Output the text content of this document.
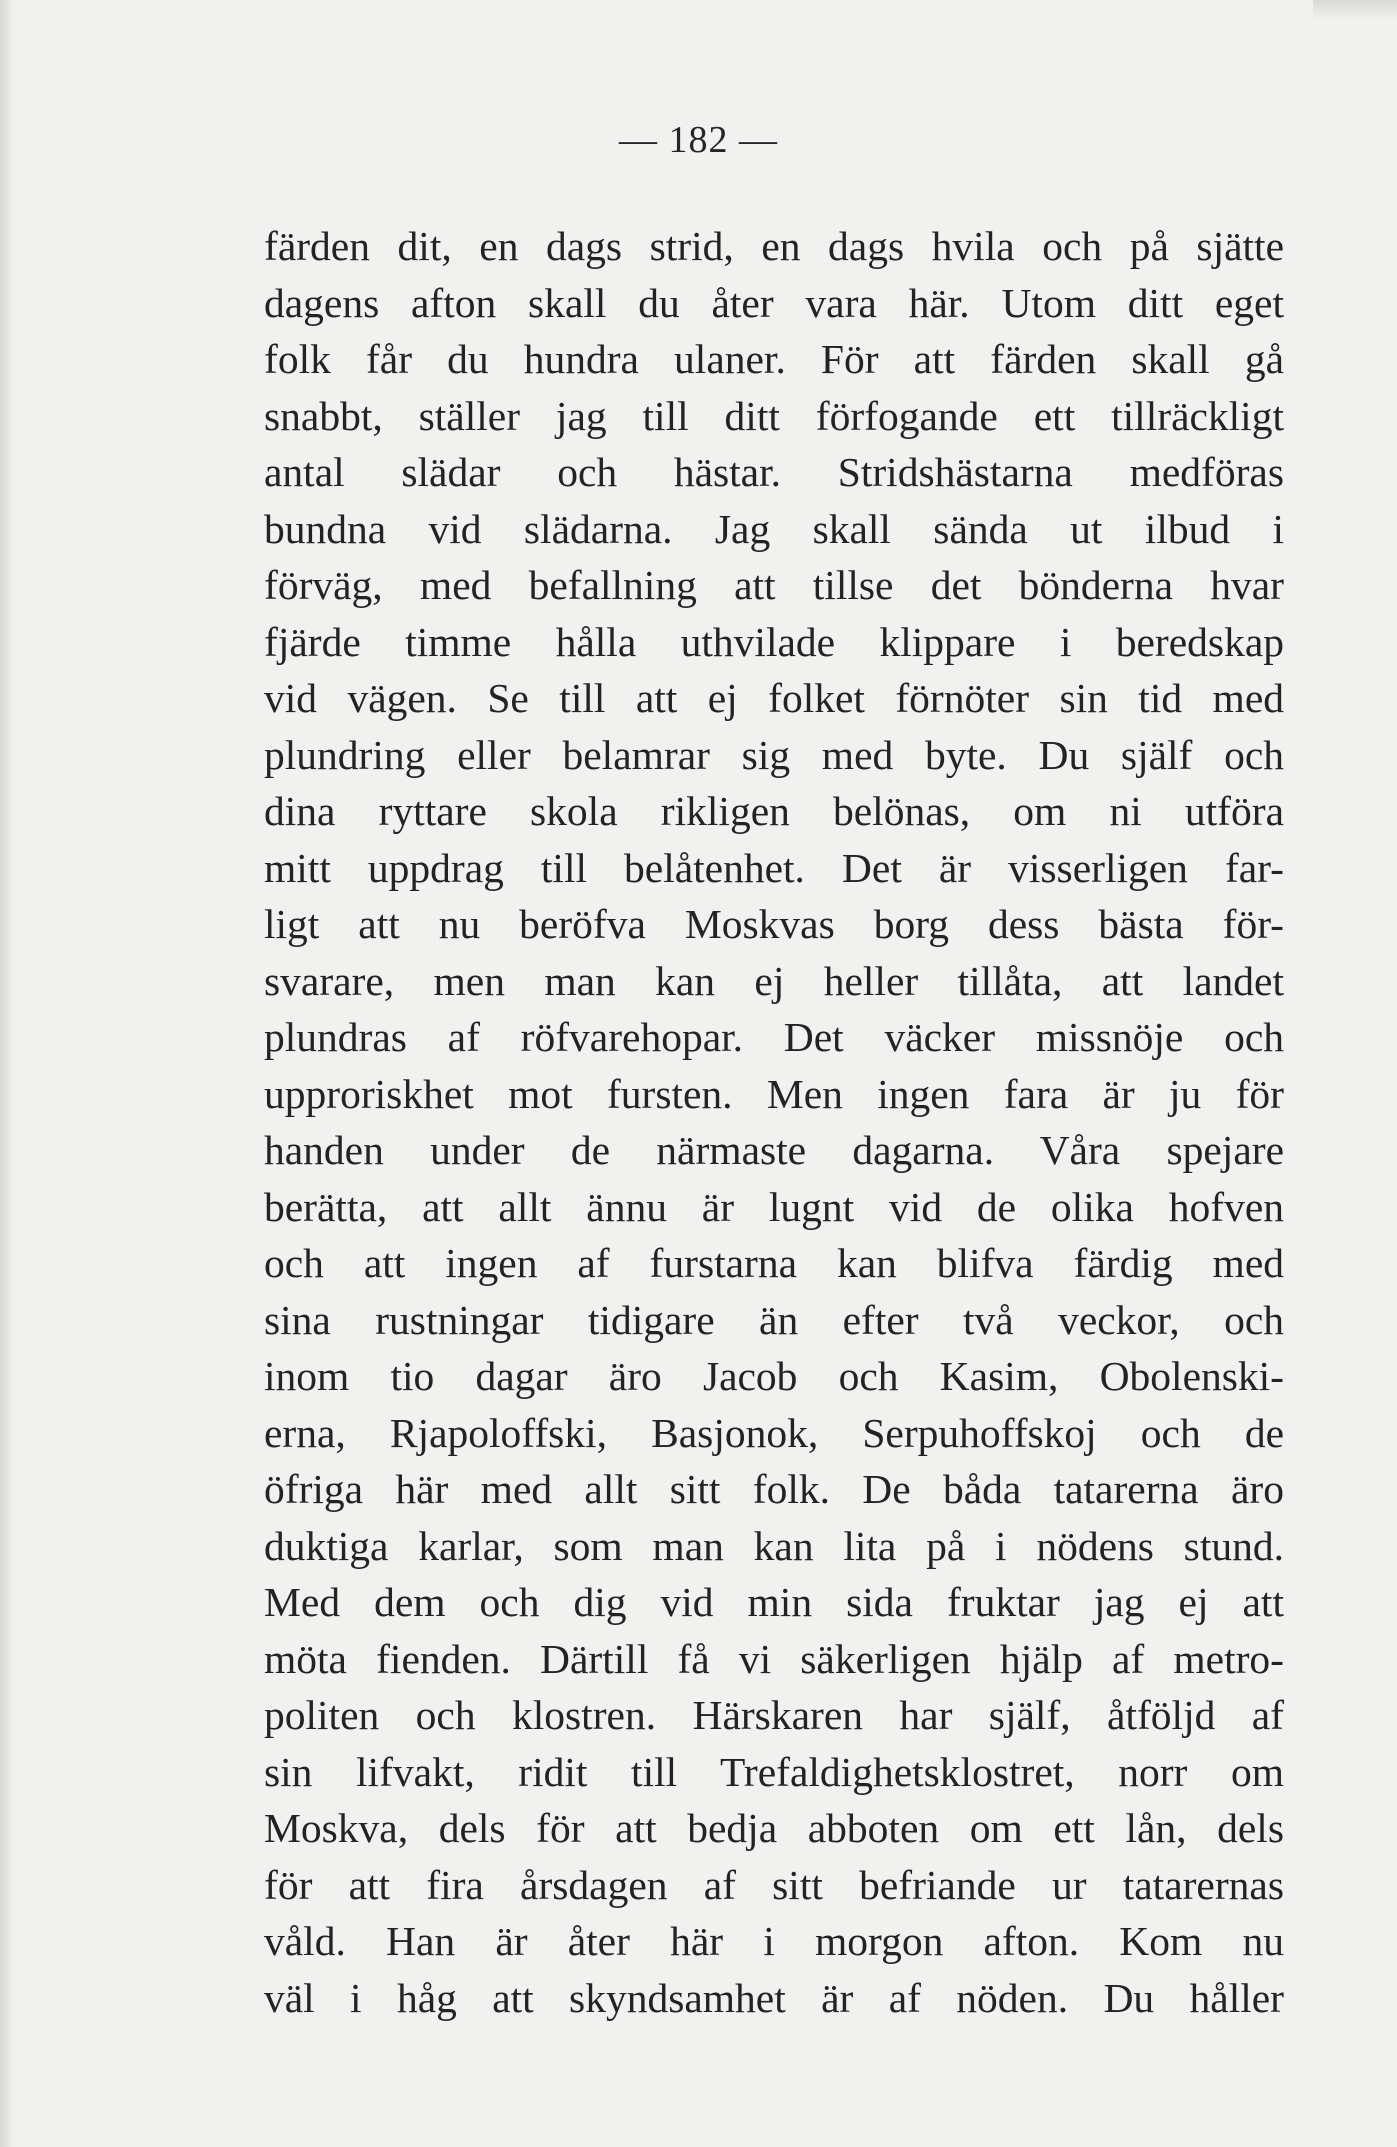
— 182 —
färden dit, en dags strid, en dags hvila och på sjätte
dagens afton skall du åter vara här. Utom ditt eget
folk får du hundra ulaner. För att färden skall gå
snabbt, ställer jag till ditt förfogande ett tillräckligt
antal slädar och hästar. Stridshästarna medföras
bundna vid slädarna. Jag skall sända ut ilbud i
förväg, med befallning att tillse det bönderna hvar
fjärde timme hålla uthvilade klippare i beredskap
vid vägen. Se till att ej folket förnöter sin tid med
plundring eller belamrar sig med byte. Du själf och
dina ryttare skola rikligen belönas, om ni utföra
mitt uppdrag till belåtenhet. Det är visserligen far-
ligt att nu beröfva Moskvas borg dess bästa för-
svarare, men man kan ej heller tillåta, att landet
plundras af röfvarehopar. Det väcker missnöje och
upproriskhet mot fursten. Men ingen fara är ju för
handen under de närmaste dagarna. Våra spejare
berätta, att allt ännu är lugnt vid de olika hofven
och att ingen af furstarna kan blifva färdig med
sina rustningar tidigare än efter två veckor, och
inom tio dagar äro Jacob och Kasim, Obolenski-
erna, Rjapoloffski, Basjonok, Serpuhoffskoj och de
öfriga här med allt sitt folk. De båda tatarerna äro
duktiga karlar, som man kan lita på i nödens stund.
Med dem och dig vid min sida fruktar jag ej att
möta fienden. Därtill få vi säkerligen hjälp af metro-
politen och klostren. Härskaren har själf, åtföljd af
sin lifvakt, ridit till Trefaldighetsklostret, norr om
Moskva, dels för att bedja abboten om ett lån, dels
för att fira årsdagen af sitt befriande ur tatarernas
våld. Han är åter här i morgon afton. Kom nu
väl i håg att skyndsamhet är af nöden. Du håller
